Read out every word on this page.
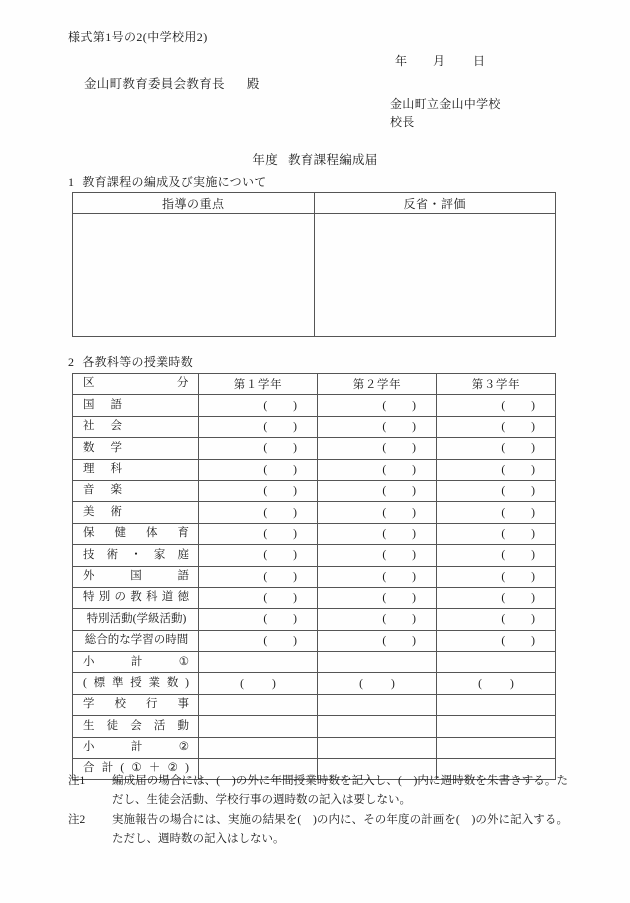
様式第1号の2(中学校用2)
年 月 日
金山町教育委員会教育長 殿
金山町立金山中学校
校長
年度 教育課程編成届
1 教育課程の編成及び実施について
指導の重点	反省・評価

2 各教科等の授業時数
区 分	第１学年	第２学年	第３学年

国 語	( )	( )	( )

社 会	( )	( )	( )

数 学	( )	( )	( )

理 科	( )	( )	( )

音 楽	( )	( )	( )

美 術	( )	( )	( )

保 健 体 育	( )	( )	( )

技 術 ・ 家 庭	( )	( )	( )

外 国 語	( )	( )	( )

特 別 の 教 科 道 徳	( )	( )	( )

特別活動(学級活動)	( )	( )	( )

総合的な学習の時間	( )	( )	( )

小 計 ①			

( 標 準 授 業 数 )	( )	( )	( )

学 校 行 事			

生 徒 会 活 動			

小 計 ②			

合 計 ( ① ＋ ② )

注1	編成届の場合には、(　)の外に年間授業時数を記入し、(　)内に週時数を朱書きする。ただし、生徒会活動、学校行事の週時数の記入は要しない。
注2	実施報告の場合には、実施の結果を(　)の内に、その年度の計画を(　)の外に記入する。ただし、週時数の記入はしない。
